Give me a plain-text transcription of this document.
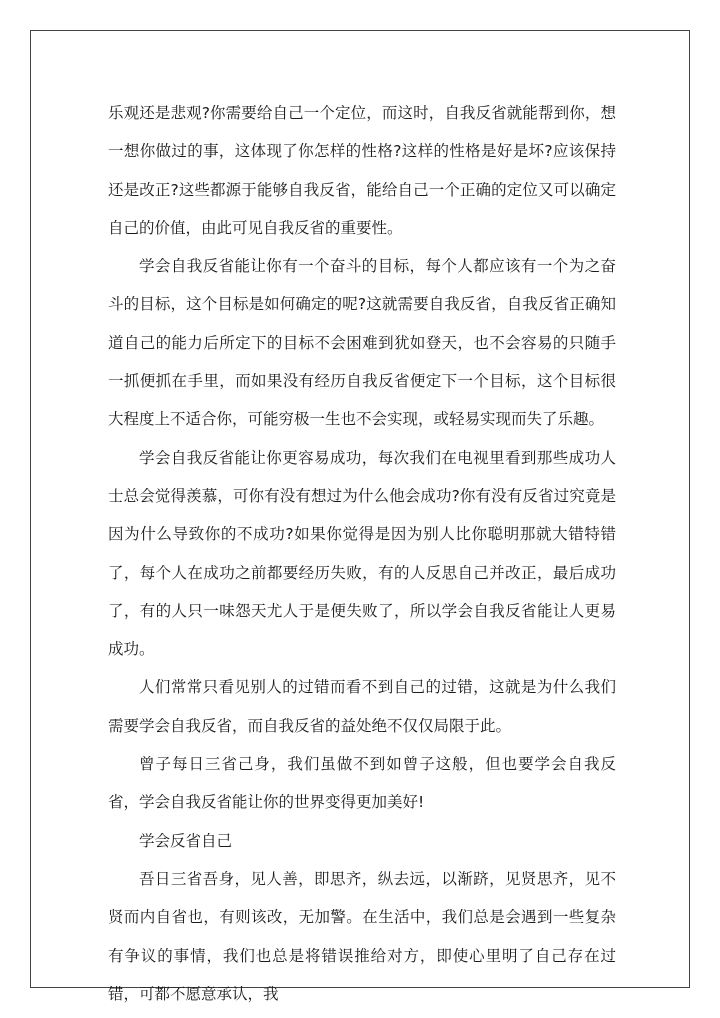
乐观还是悲观?你需要给自己一个定位，而这时，自我反省就能帮到你，想一想你做过的事，这体现了你怎样的性格?这样的性格是好是坏?应该保持还是改正?这些都源于能够自我反省，能给自己一个正确的定位又可以确定自己的价值，由此可见自我反省的重要性。

学会自我反省能让你有一个奋斗的目标，每个人都应该有一个为之奋斗的目标，这个目标是如何确定的呢?这就需要自我反省，自我反省正确知道自己的能力后所定下的目标不会困难到犹如登天，也不会容易的只随手一抓便抓在手里，而如果没有经历自我反省便定下一个目标，这个目标很大程度上不适合你，可能穷极一生也不会实现，或轻易实现而失了乐趣。

学会自我反省能让你更容易成功，每次我们在电视里看到那些成功人士总会觉得羡慕，可你有没有想过为什么他会成功?你有没有反省过究竟是因为什么导致你的不成功?如果你觉得是因为别人比你聪明那就大错特错了，每个人在成功之前都要经历失败，有的人反思自己并改正，最后成功了，有的人只一味怨天尤人于是便失败了，所以学会自我反省能让人更易成功。

人们常常只看见别人的过错而看不到自己的过错，这就是为什么我们需要学会自我反省，而自我反省的益处绝不仅仅局限于此。

曾子每日三省己身，我们虽做不到如曾子这般，但也要学会自我反省，学会自我反省能让你的世界变得更加美好!

学会反省自己

吾日三省吾身，见人善，即思齐，纵去远，以渐跻，见贤思齐，见不贤而内自省也，有则该改，无加警。在生活中，我们总是会遇到一些复杂有争议的事情，我们也总是将错误推给对方，即使心里明了自己存在过错，可都不愿意承认，我
